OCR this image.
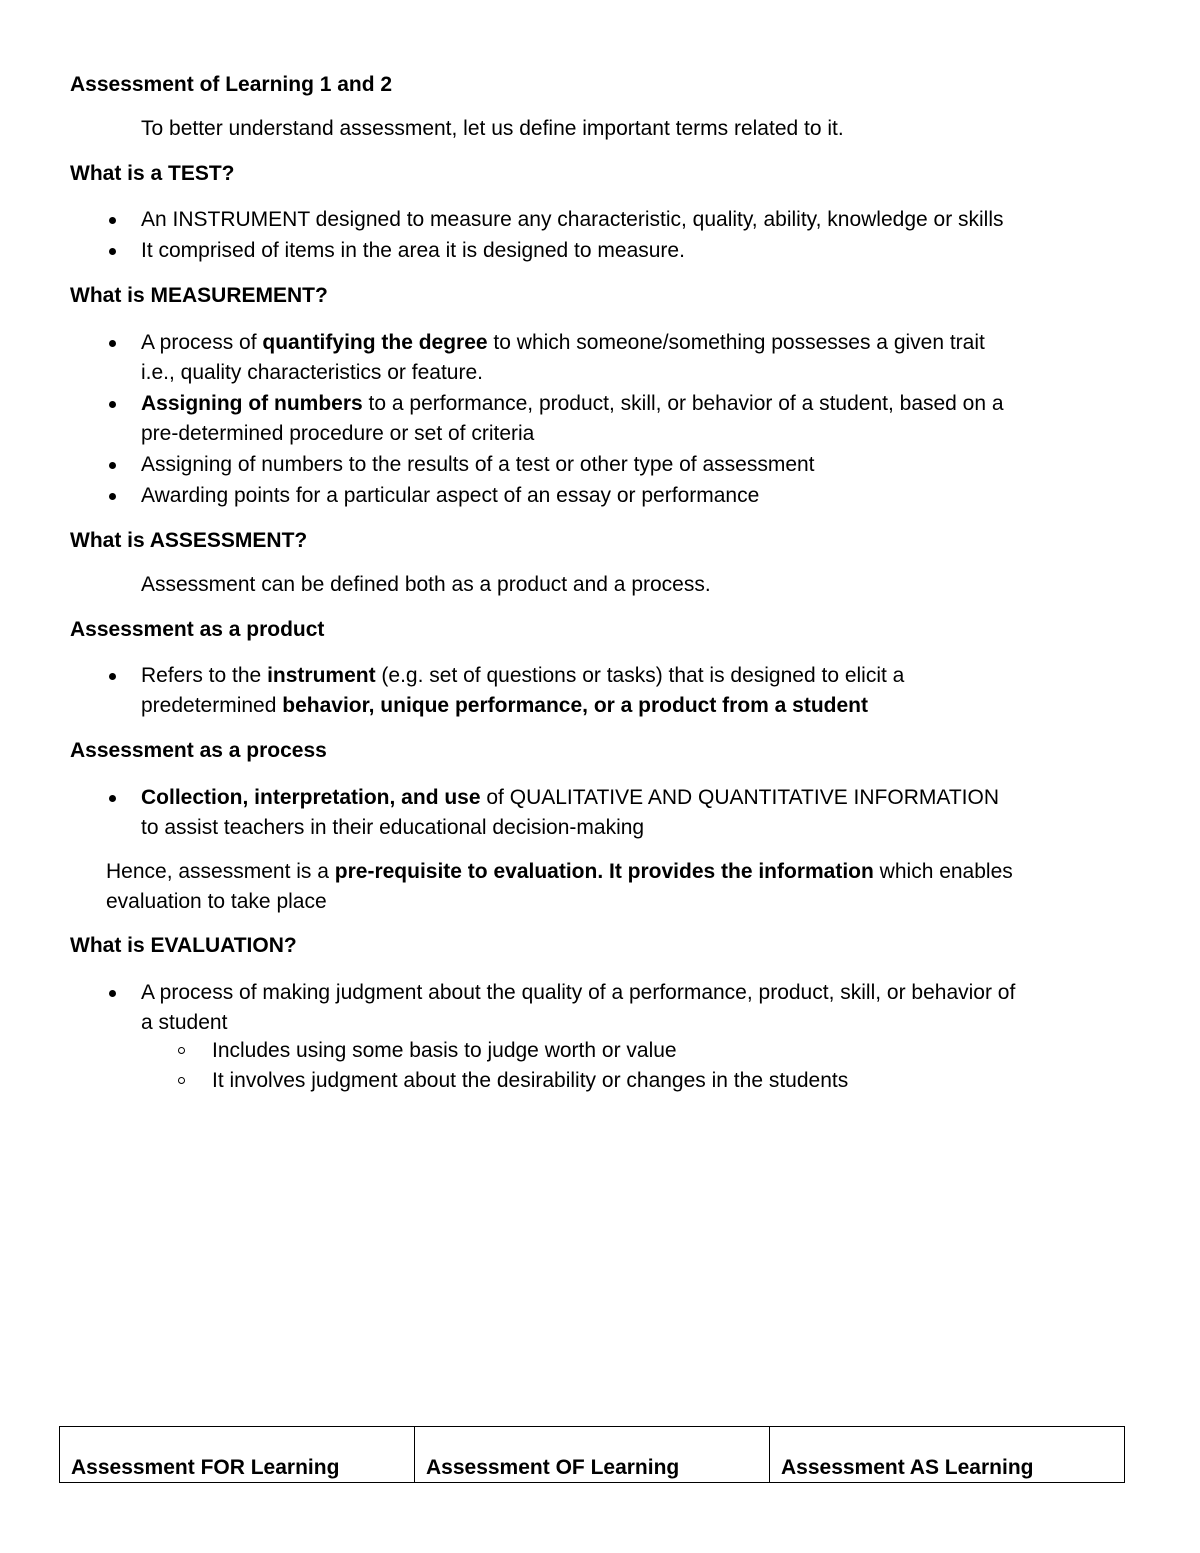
Assessment of Learning 1 and 2
To better understand assessment, let us define important terms related to it.
What is a TEST?
An INSTRUMENT designed to measure any characteristic, quality, ability, knowledge or skills
It comprised of items in the area it is designed to measure.
What is MEASUREMENT?
A process of quantifying the degree to which someone/something possesses a given trait
i.e., quality characteristics or feature.
Assigning of numbers to a performance, product, skill, or behavior of a student, based on a
pre-determined procedure or set of criteria
Assigning of numbers to the results of a test or other type of assessment
Awarding points for a particular aspect of an essay or performance
What is ASSESSMENT?
Assessment can be defined both as a product and a process.
Assessment as a product
Refers to the instrument (e.g. set of questions or tasks) that is designed to elicit a
predetermined behavior, unique performance, or a product from a student
Assessment as a process
Collection, interpretation, and use of QUALITATIVE AND QUANTITATIVE INFORMATION
to assist teachers in their educational decision-making
Hence, assessment is a pre-requisite to evaluation. It provides the information which enables
evaluation to take place
What is EVALUATION?
A process of making judgment about the quality of a performance, product, skill, or behavior of
a student
Includes using some basis to judge worth or value
It involves judgment about the desirability or changes in the students
Assessment FOR Learning	Assessment OF Learning	Assessment AS Learning
